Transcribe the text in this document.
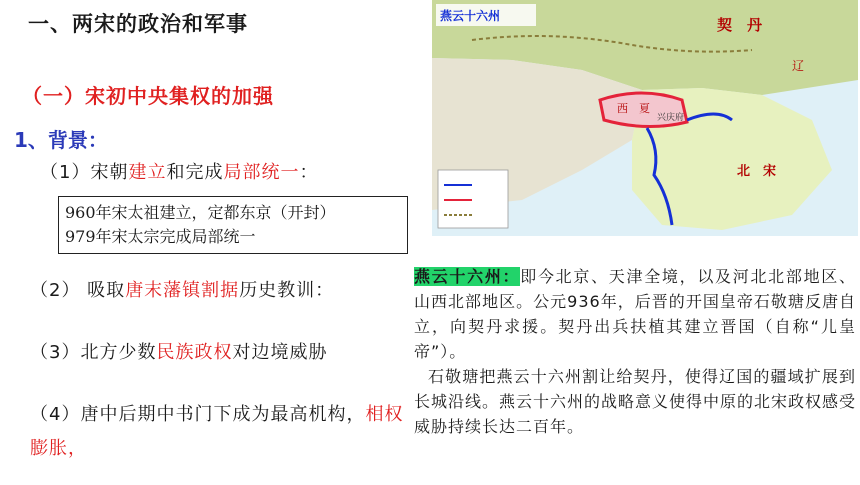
一、两宋的政治和军事
（一）宋初中央集权的加强
1、背景：
（1）宋朝建立和完成局部统一：
960年宋太祖建立，定都东京（开封）
979年宋太宗完成局部统一
（2） 吸取唐末藩镇割据历史教训：
（3）北方少数民族政权对边境威胁
（4）唐中后期中书门下成为最高机构，相权膨胀，
燕云十六州	契　丹
西　夏
北　宋
辽
兴庆府
燕云十六州：即今北京、天津全境，以及河北北部地区、山西北部地区。公元936年，后晋的开国皇帝石敬瑭反唐自立，向契丹求援。契丹出兵扶植其建立晋国（自称“儿皇帝”）。
石敬瑭把燕云十六州割让给契丹，使得辽国的疆域扩展到长城沿线。燕云十六州的战略意义使得中原的北宋政权感受威胁持续长达二百年。
